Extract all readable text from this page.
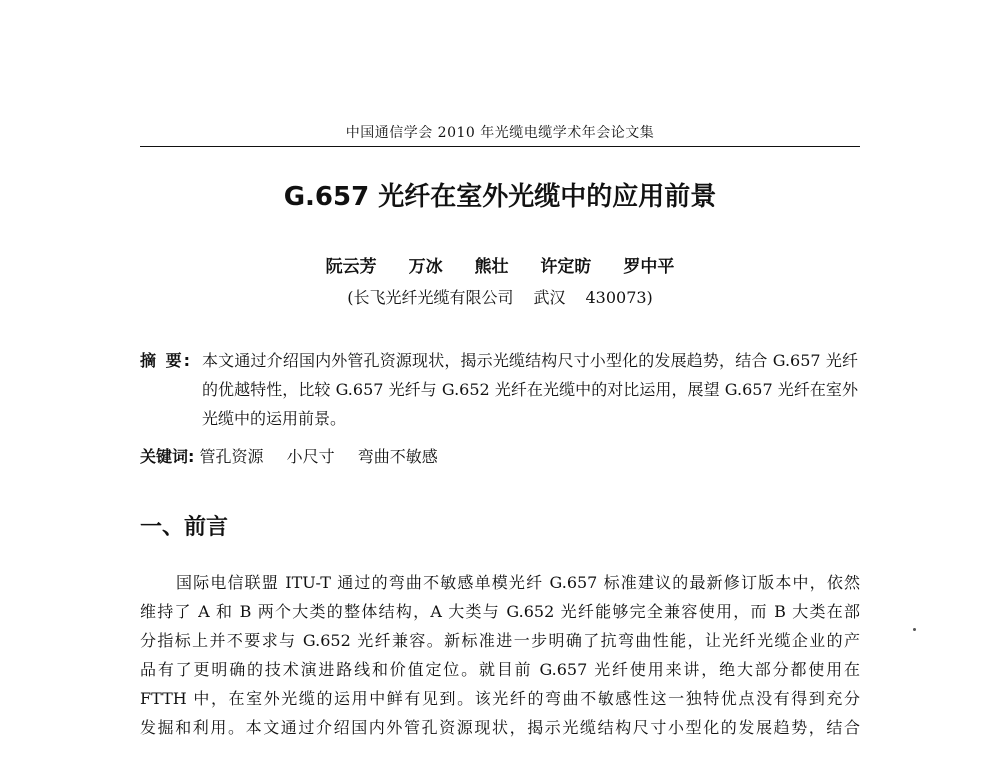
中国通信学会 2010 年光缆电缆学术年会论文集
G.657 光纤在室外光缆中的应用前景
阮云芳 万冰 熊壮 许定昉 罗中平
(长飞光纤光缆有限公司 武汉 430073)
摘 要: 本文通过介绍国内外管孔资源现状，揭示光缆结构尺寸小型化的发展趋势，结合 G.657 光纤的优越特性，比较 G.657 光纤与 G.652 光纤在光缆中的对比运用，展望 G.657 光纤在室外光缆中的运用前景。
关键词: 管孔资源 小尺寸 弯曲不敏感
一、前言
国际电信联盟 ITU-T 通过的弯曲不敏感单模光纤 G.657 标准建议的最新修订版本中，依然
维持了 A 和 B 两个大类的整体结构，A 大类与 G.652 光纤能够完全兼容使用，而 B 大类在部
分指标上并不要求与 G.652 光纤兼容。新标准进一步明确了抗弯曲性能，让光纤光缆企业的产
品有了更明确的技术演进路线和价值定位。就目前 G.657 光纤使用来讲，绝大部分都使用在
FTTH 中，在室外光缆的运用中鲜有见到。该光纤的弯曲不敏感性这一独特优点没有得到充分
发掘和利用。本文通过介绍国内外管孔资源现状，揭示光缆结构尺寸小型化的发展趋势，结合
